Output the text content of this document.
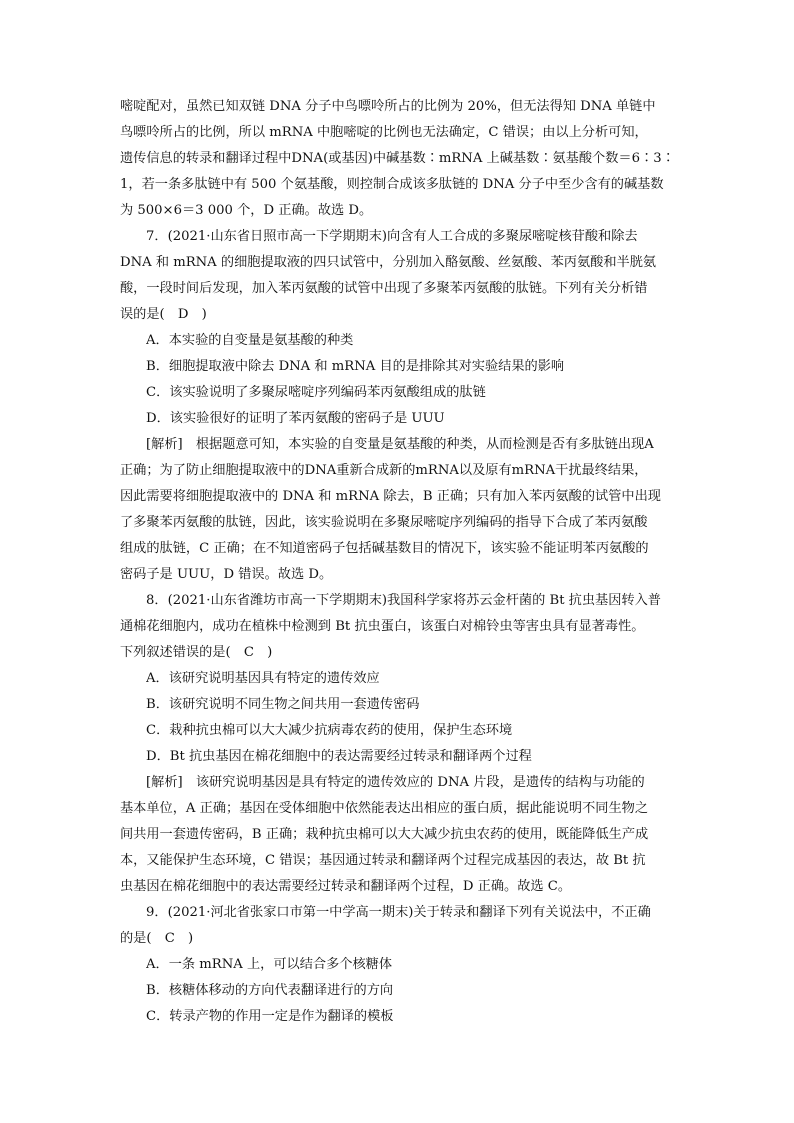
嘧啶配对，虽然已知双链 DNA 分子中鸟嘌呤所占的比例为 20%，但无法得知 DNA 单链中
鸟嘌呤所占的比例，所以 mRNA 中胞嘧啶的比例也无法确定，C 错误；由以上分析可知，
遗传信息的转录和翻译过程中DNA(或基因)中碱基数∶mRNA 上碱基数∶氨基酸个数＝6∶3∶
1，若一条多肽链中有 500 个氨基酸，则控制合成该多肽链的 DNA 分子中至少含有的碱基数
为 500×6＝3 000 个，D 正确。故选 D。
7．(2021·山东省日照市高一下学期期末)向含有人工合成的多聚尿嘧啶核苷酸和除去
DNA 和 mRNA 的细胞提取液的四只试管中，分别加入酪氨酸、丝氨酸、苯丙氨酸和半胱氨
酸，一段时间后发现，加入苯丙氨酸的试管中出现了多聚苯丙氨酸的肽链。下列有关分析错
误的是(　D　)
A．本实验的自变量是氨基酸的种类
B．细胞提取液中除去 DNA 和 mRNA 目的是排除其对实验结果的影响
C．该实验说明了多聚尿嘧啶序列编码苯丙氨酸组成的肽链
D．该实验很好的证明了苯丙氨酸的密码子是 UUU
[解析]　根据题意可知，本实验的自变量是氨基酸的种类，从而检测是否有多肽链出现A
正确；为了防止细胞提取液中的DNA重新合成新的mRNA以及原有mRNA干扰最终结果，
因此需要将细胞提取液中的 DNA 和 mRNA 除去，B 正确；只有加入苯丙氨酸的试管中出现
了多聚苯丙氨酸的肽链，因此，该实验说明在多聚尿嘧啶序列编码的指导下合成了苯丙氨酸
组成的肽链，C 正确；在不知道密码子包括碱基数目的情况下，该实验不能证明苯丙氨酸的
密码子是 UUU，D 错误。故选 D。
8．(2021·山东省潍坊市高一下学期期末)我国科学家将苏云金杆菌的 Bt 抗虫基因转入普
通棉花细胞内，成功在植株中检测到 Bt 抗虫蛋白，该蛋白对棉铃虫等害虫具有显著毒性。
下列叙述错误的是(　C　)
A．该研究说明基因具有特定的遗传效应
B．该研究说明不同生物之间共用一套遗传密码
C．栽种抗虫棉可以大大减少抗病毒农药的使用，保护生态环境
D．Bt 抗虫基因在棉花细胞中的表达需要经过转录和翻译两个过程
[解析]　该研究说明基因是具有特定的遗传效应的 DNA 片段，是遗传的结构与功能的
基本单位，A 正确；基因在受体细胞中依然能表达出相应的蛋白质，据此能说明不同生物之
间共用一套遗传密码，B 正确；栽种抗虫棉可以大大减少抗虫农药的使用，既能降低生产成
本，又能保护生态环境，C 错误；基因通过转录和翻译两个过程完成基因的表达，故 Bt 抗
虫基因在棉花细胞中的表达需要经过转录和翻译两个过程，D 正确。故选 C。
9．(2021·河北省张家口市第一中学高一期末)关于转录和翻译下列有关说法中，不正确
的是(　C　)
A．一条 mRNA 上，可以结合多个核糖体
B．核糖体移动的方向代表翻译进行的方向
C．转录产物的作用一定是作为翻译的模板
